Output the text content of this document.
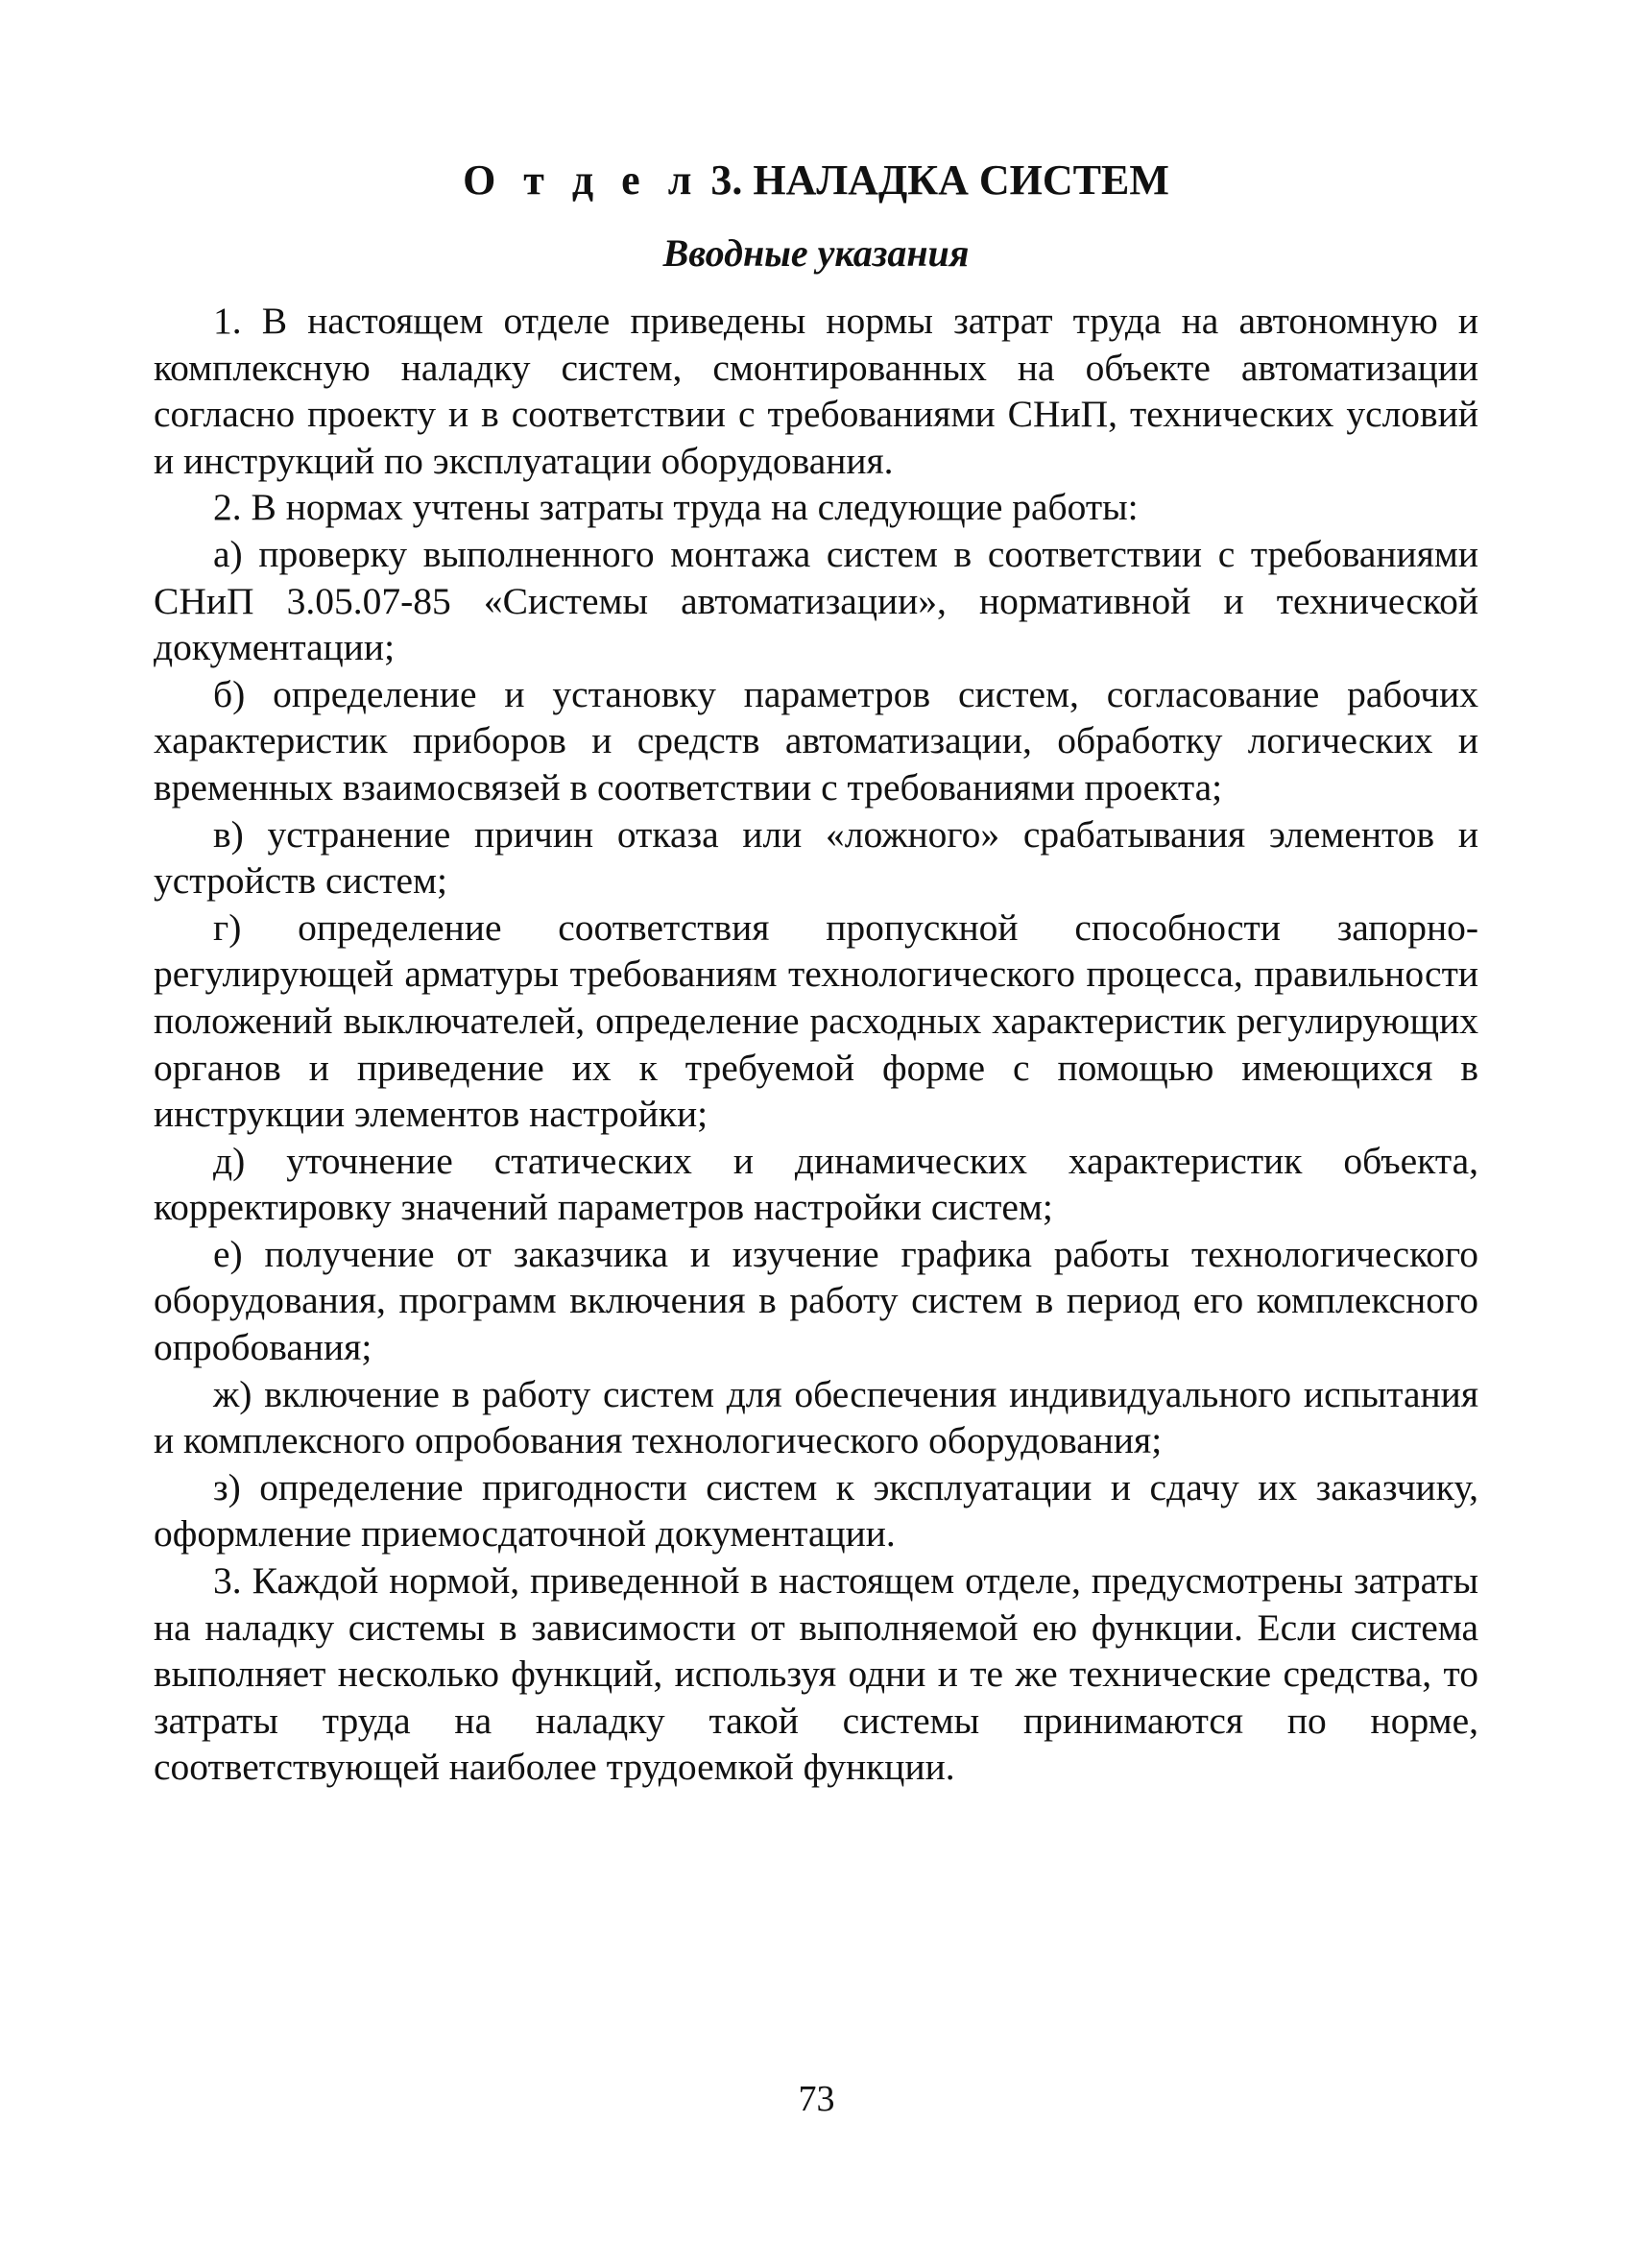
О т д е л 3. НАЛАДКА СИСТЕМ
Вводные указания

1. В настоящем отделе приведены нормы затрат труда на автономную и комплексную наладку систем, смонтированных на объекте автоматизации согласно проекту и в соответствии с требованиями СНиП, технических условий и инструкций по эксплуатации оборудования.

2. В нормах учтены затраты труда на следующие работы:

а) проверку выполненного монтажа систем в соответствии с требованиями СНиП 3.05.07-85 «Системы автоматизации», нормативной и технической документации;

б) определение и установку параметров систем, согласование рабочих характеристик приборов и средств автоматизации, обработку логических и временных взаимосвязей в соответствии с требованиями проекта;

в) устранение причин отказа или «ложного» срабатывания элементов и устройств систем;

г) определение соответствия пропускной способности запорно-регулирующей арматуры требованиям технологического процесса, правильности положений выключателей, определение расходных характеристик регулирующих органов и приведение их к требуемой форме с помощью имеющихся в инструкции элементов настройки;

д) уточнение статических и динамических характеристик объекта, корректировку значений параметров настройки систем;

е) получение от заказчика и изучение графика работы технологического оборудования, программ включения в работу систем в период его комплексного опробования;

ж) включение в работу систем для обеспечения индивидуального испытания и комплексного опробования технологического оборудования;

з) определение пригодности систем к эксплуатации и сдачу их заказчику, оформление приемосдаточной документации.

3. Каждой нормой, приведенной в настоящем отделе, предусмотрены затраты на наладку системы в зависимости от выполняемой ею функции. Если система выполняет несколько функций, используя одни и те же технические средства, то затраты труда на наладку такой системы принимаются по норме, соответствующей наиболее трудоемкой функции.

73
